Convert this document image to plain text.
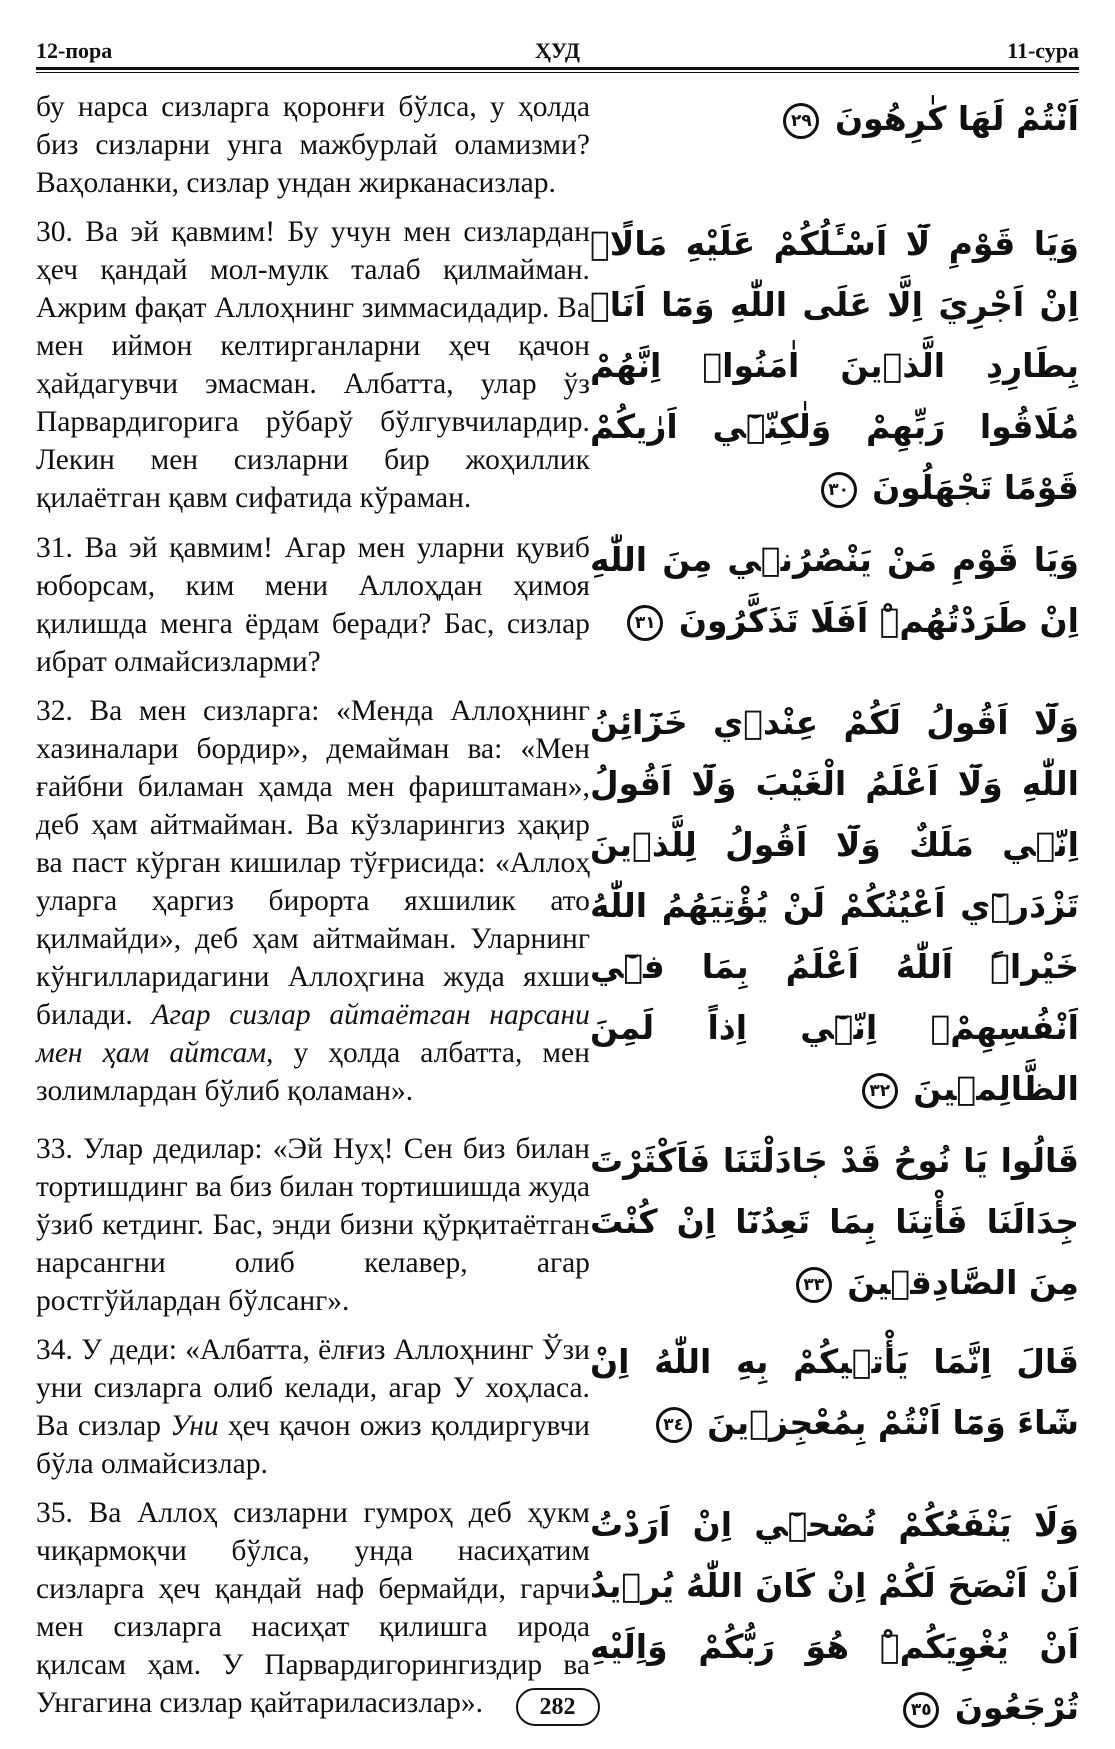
12-пора	ҲУД	11-сура
бу нарса сизларга қоронғи бўлса, у ҳолда биз сизларни унга мажбурлай оламизми? Ваҳоланки, сизлар ундан жирканасизлар.
اَنْتُمْ لَهَا كٰرِهُونَ ٢٩
30. Ва эй қавмим! Бу учун мен сизлардан ҳеч қандай мол-мулк талаб қилмайман. Ажрим фақат Аллоҳнинг зиммасидадир. Ва мен иймон келтирганларни ҳеч қачон ҳайдагувчи эмасман. Албатта, улар ўз Парвардигорига рўбарў бўлгувчилардир. Лекин мен сизларни бир жоҳиллик қилаётган қавм сифатида кўраман.
وَيَا قَوْمِ لَٓا اَسْـَٔلُكُمْ عَلَيْهِ مَالًاۜ اِنْ اَجْرِيَ اِلَّا عَلَى اللّٰهِ وَمَٓا اَنَا۬ بِطَارِدِ الَّذ۪ينَ اٰمَنُواۜ اِنَّهُمْ مُلَاقُوا رَبِّهِمْ وَلٰكِنّ۪ٓي اَرٰيكُمْ قَوْمًا تَجْهَلُونَ ٣٠
31. Ва эй қавмим! Агар мен уларни қувиб юборсам, ким мени Аллоҳдан ҳимоя қилишда менга ёрдам беради? Бас, сизлар ибрат олмайсизларми?
وَيَا قَوْمِ مَنْ يَنْصُرُن۪ي مِنَ اللّٰهِ اِنْ طَرَدْتُهُمْۜ اَفَلَا تَذَكَّرُونَ ٣١
32. Ва мен сизларга: «Менда Аллоҳнинг хазиналари бордир», демайман ва: «Мен ғайбни биламан ҳамда мен фариштаман», деб ҳам айтмайман. Ва кўзларингиз ҳақир ва паст кўрган кишилар тўғрисида: «Аллоҳ уларга ҳаргиз бирорта яхшилик ато қилмайди», деб ҳам айтмайман. Уларнинг кўнгилларидагини Аллоҳгина жуда яхши билади. Агар сизлар айтаётган нарсани мен ҳам айтсам, у ҳолда албатта, мен золимлардан бўлиб қоламан».
وَلَٓا اَقُولُ لَكُمْ عِنْد۪ي خَزَٓائِنُ اللّٰهِ وَلَٓا اَعْلَمُ الْغَيْبَ وَلَٓا اَقُولُ اِنّ۪ي مَلَكٌ وَلَٓا اَقُولُ لِلَّذ۪ينَ تَزْدَر۪ٓي اَعْيُنُكُمْ لَنْ يُؤْتِيَهُمُ اللّٰهُ خَيْراًۜ اَللّٰهُ اَعْلَمُ بِمَا ف۪ٓي اَنْفُسِهِمْۚ اِنّ۪ٓي اِذاً لَمِنَ الظَّالِم۪ينَ ٣٢
33. Улар дедилар: «Эй Нуҳ! Сен биз билан тортишдинг ва биз билан тортишишда жуда ўзиб кетдинг. Бас, энди бизни қўрқитаётган нарсангни олиб келавер, агар ростгўйлардан бўлсанг».
قَالُوا يَا نُوحُ قَدْ جَادَلْتَنَا فَاَكْثَرْتَ جِدَالَنَا فَأْتِنَا بِمَا تَعِدُنَٓا اِنْ كُنْتَ مِنَ الصَّادِق۪ينَ ٣٣
34. У деди: «Албатта, ёлғиз Аллоҳнинг Ўзи уни сизларга олиб келади, агар У хоҳласа. Ва сизлар Уни ҳеч қачон ожиз қолдиргувчи бўла олмайсизлар.
قَالَ اِنَّمَا يَأْت۪يكُمْ بِهِ اللّٰهُ اِنْ شَٓاءَ وَمَٓا اَنْتُمْ بِمُعْجِز۪ينَ ٣٤
35. Ва Аллоҳ сизларни гумроҳ деб ҳукм чиқармоқчи бўлса, унда насиҳатим сизларга ҳеч қандай наф бермайди, гарчи мен сизларга насиҳат қилишга ирода қилсам ҳам. У Парвардигорингиздир ва Унгагина сизлар қайтарилаcизлар».
وَلَا يَنْفَعُكُمْ نُصْح۪ٓي اِنْ اَرَدْتُ اَنْ اَنْصَحَ لَكُمْ اِنْ كَانَ اللّٰهُ يُر۪يدُ اَنْ يُغْوِيَكُمْۜ هُوَ رَبُّكُمْ وَاِلَيْهِ تُرْجَعُونَ ٣٥
282
